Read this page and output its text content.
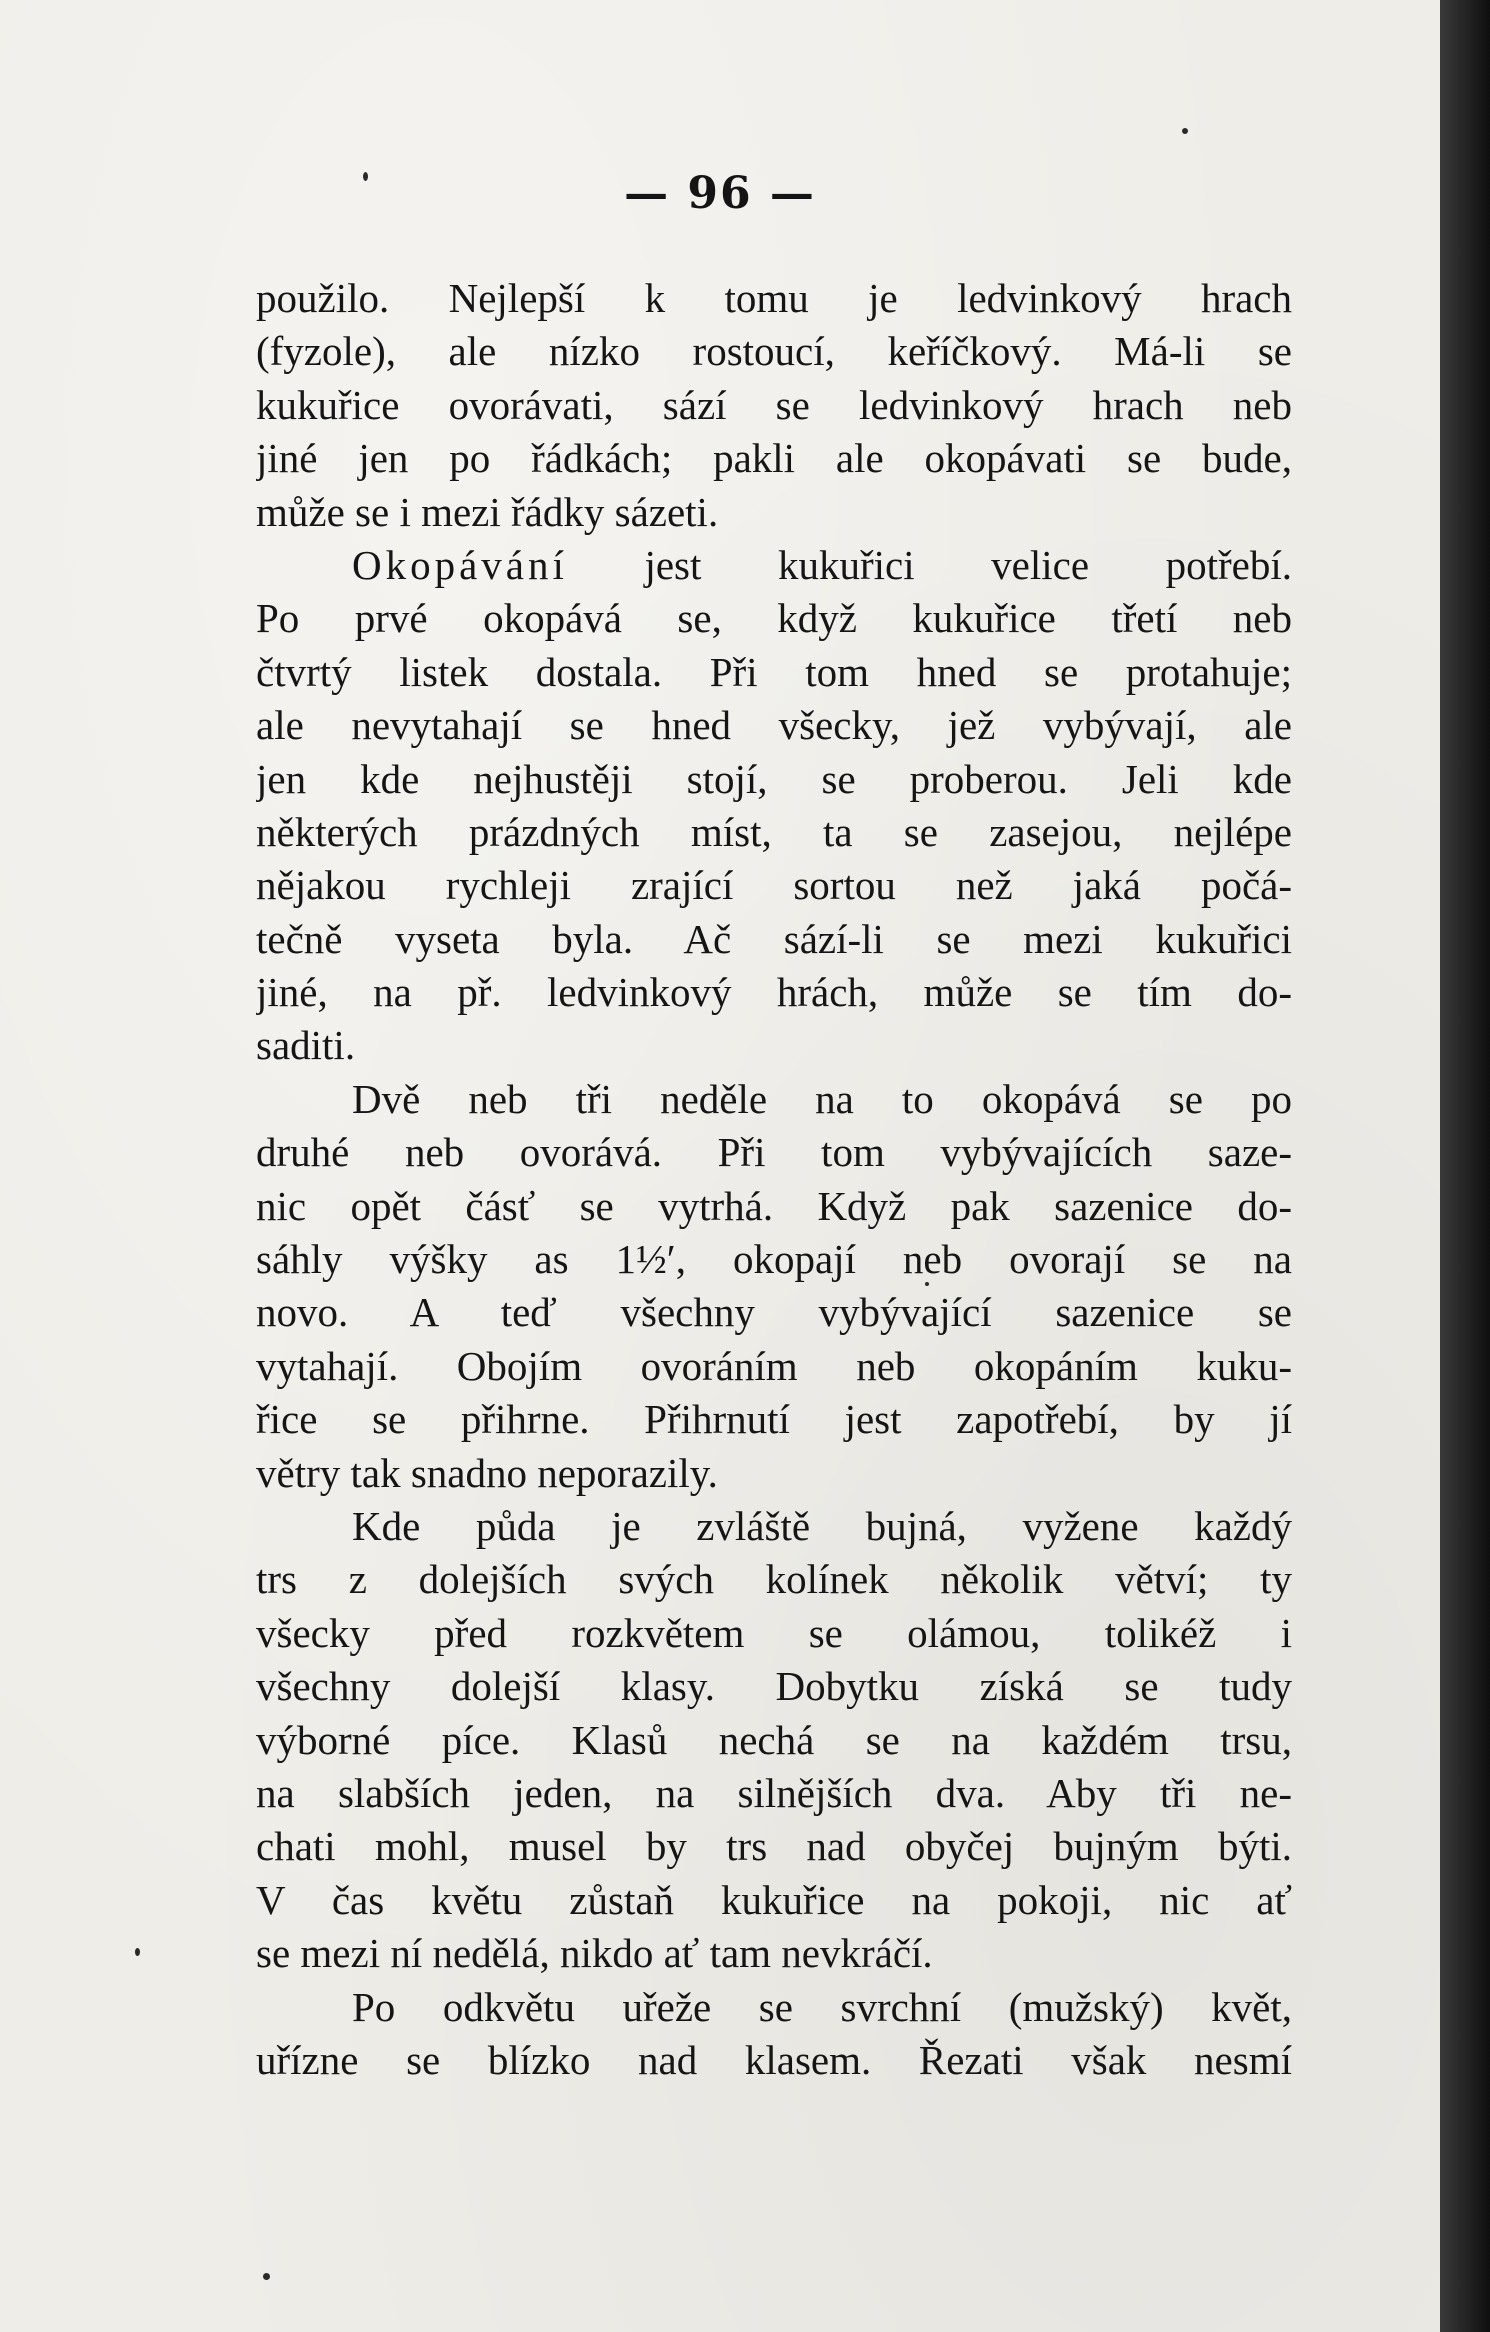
— 96 —
použilo. Nejlepší k tomu je ledvinkový hrach
(fyzole), ale nízko rostoucí, keříčkový. Má-li se
kukuřice ovorávati, sází se ledvinkový hrach neb
jiné jen po řádkách; pakli ale okopávati se bude,
může se i mezi řádky sázeti.
Okopávání jest kukuřici velice potřebí.
Po prvé okopává se, když kukuřice třetí neb
čtvrtý listek dostala. Při tom hned se protahuje;
ale nevytahají se hned všecky, jež vybývají, ale
jen kde nejhustěji stojí, se proberou. Jeli kde
některých prázdných míst, ta se zasejou, nejlépe
nějakou rychleji zrající sortou než jaká počá-
tečně vyseta byla. Ač sází-li se mezi kukuřici
jiné, na př. ledvinkový hrách, může se tím do-
saditi.
Dvě neb tři neděle na to okopává se po
druhé neb ovorává. Při tom vybývajících saze-
nic opět čásť se vytrhá. Když pak sazenice do-
sáhly výšky as 1½′, okopají neb ovorají se na
novo. A teď všechny vybývající sazenice se
vytahají. Obojím ovoráním neb okopáním kuku-
řice se přihrne. Přihrnutí jest zapotřebí, by jí
větry tak snadno neporazily.
Kde půda je zvláště bujná, vyžene každý
trs z dolejších svých kolínek několik větví; ty
všecky před rozkvětem se olámou, tolikéž i
všechny dolejší klasy. Dobytku získá se tudy
výborné píce. Klasů nechá se na každém trsu,
na slabších jeden, na silnějších dva. Aby tři ne-
chati mohl, musel by trs nad obyčej bujným býti.
V čas květu zůstaň kukuřice na pokoji, nic ať
se mezi ní nedělá, nikdo ať tam nevkráčí.
Po odkvětu uřeže se svrchní (mužský) květ,
uřízne se blízko nad klasem. Řezati však nesmí
